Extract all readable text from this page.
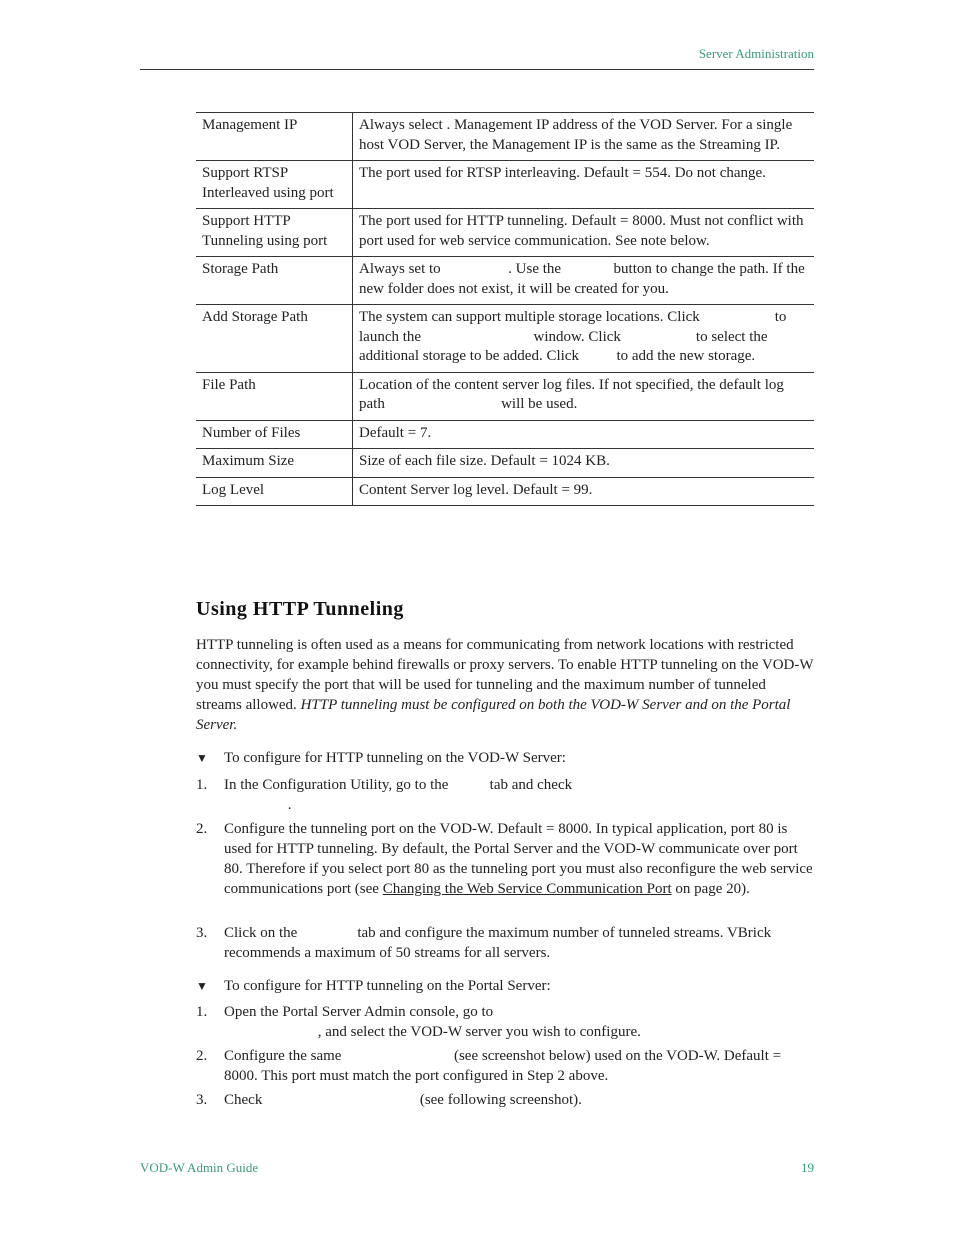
Server Administration
Management IP	Always select . Management IP address of the VOD Server. For a single host VOD Server, the Management IP is the same as the Streaming IP.
Support RTSP Interleaved using port	The port used for RTSP interleaving. Default = 554. Do not change.
Support HTTP Tunneling using port	The port used for HTTP tunneling. Default = 8000. Must not conflict with port used for web service communication. See note below.
Storage Path	Always set to                  . Use the              button to change the path. If the new folder does not exist, it will be created for you.
Add Storage Path	The system can support multiple storage locations. Click                    to launch the                              window. Click                    to select the additional storage to be added. Click          to add the new storage.
File Path	Location of the content server log files. If not specified, the default log path                               will be used.
Number of Files	Default = 7.
Maximum Size	Size of each file size. Default = 1024 KB.
Log Level	Content Server log level. Default = 99.
Using HTTP Tunneling

HTTP tunneling is often used as a means for communicating from network locations with restricted connectivity, for example behind firewalls or proxy servers. To enable HTTP tunneling on the VOD-W you must specify the port that will be used for tunneling and the maximum number of tunneled streams allowed. HTTP tunneling must be configured on both the VOD-W Server and on the Portal Server.

▼ To configure for HTTP tunneling on the VOD-W Server:
1. In the Configuration Utility, go to the           tab and check
.
2. Configure the tunneling port on the VOD-W. Default = 8000. In typical application, port 80 is used for HTTP tunneling. By default, the Portal Server and the VOD-W communicate over port 80. Therefore if you select port 80 as the tunneling port you must also reconfigure the web service communications port (see Changing the Web Service Communication Port on page 20).
3. Click on the                tab and configure the maximum number of tunneled streams. VBrick recommends a maximum of 50 streams for all servers.
▼ To configure for HTTP tunneling on the Portal Server:
1. Open the Portal Server Admin console, go to
, and select the VOD-W server you wish to configure.
2. Configure the same                              (see screenshot below) used on the VOD-W. Default = 8000. This port must match the port configured in Step 2 above.
3. Check                                          (see following screenshot).
VOD-W Admin Guide	19
